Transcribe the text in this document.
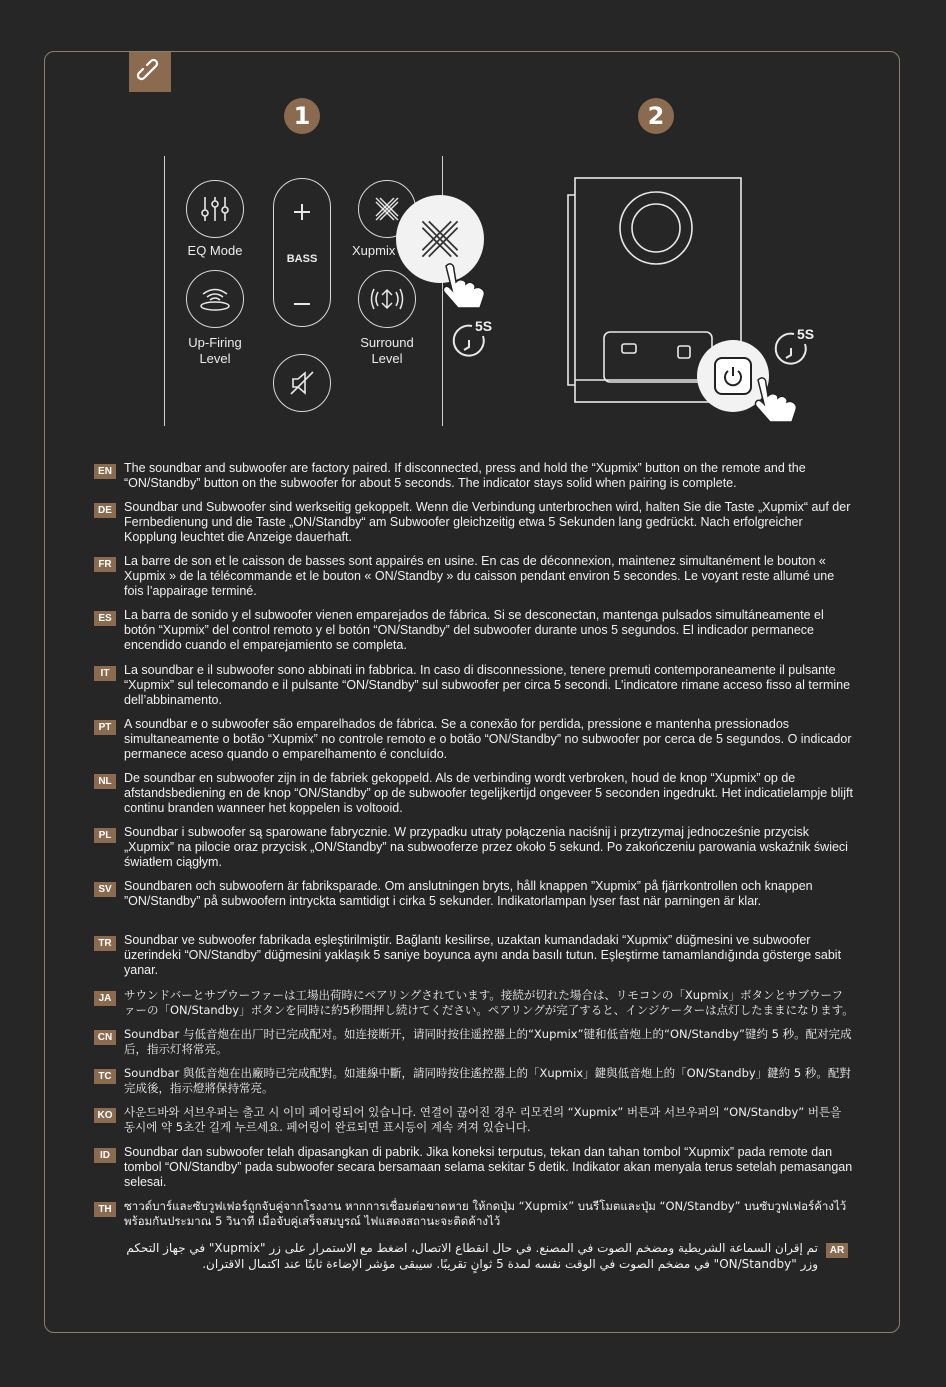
1	2
EQ Mode
BASS
Xupmix
Up-Firing
Level
Surround
Level
5S	5S
EN The soundbar and subwoofer are factory paired. If disconnected, press and hold the “Xupmix” button on the remote and the “ON/Standby” button on the subwoofer for about 5 seconds. The indicator stays solid when pairing is complete.
DE Soundbar und Subwoofer sind werkseitig gekoppelt. Wenn die Verbindung unterbrochen wird, halten Sie die Taste „Xupmix“ auf der Fernbedienung und die Taste „ON/Standby“ am Subwoofer gleichzeitig etwa 5 Sekunden lang gedrückt. Nach erfolgreicher Kopplung leuchtet die Anzeige dauerhaft.
FR La barre de son et le caisson de basses sont appairés en usine. En cas de déconnexion, maintenez simultanément le bouton « Xupmix » de la télécommande et le bouton « ON/Standby » du caisson pendant environ 5 secondes. Le voyant reste allumé une fois l’appairage terminé.
ES La barra de sonido y el subwoofer vienen emparejados de fábrica. Si se desconectan, mantenga pulsados simultáneamente el botón “Xupmix” del control remoto y el botón “ON/Standby” del subwoofer durante unos 5 segundos. El indicador permanece encendido cuando el emparejamiento se completa.
IT	La soundbar e il subwoofer sono abbinati in fabbrica. In caso di disconnessione, tenere premuti contemporaneamente il pulsante “Xupmix” sul telecomando e il pulsante “ON/Standby” sul subwoofer per circa 5 secondi. L’indicatore rimane acceso fisso al termine dell’abbinamento.
PT	A soundbar e o subwoofer são emparelhados de fábrica. Se a conexão for perdida, pressione e mantenha pressionados simultaneamente o botão “Xupmix” no controle remoto e o botão “ON/Standby” no subwoofer por cerca de 5 segundos. O indicador permanece aceso quando o emparelhamento é concluído.
NL De soundbar en subwoofer zijn in de fabriek gekoppeld. Als de verbinding wordt verbroken, houd de knop “Xupmix” op de afstandsbediening en de knop “ON/Standby” op de subwoofer tegelijkertijd ongeveer 5 seconden ingedrukt. Het indicatielampje blijft continu branden wanneer het koppelen is voltooid.
PL	Soundbar i subwoofer są sparowane fabrycznie. W przypadku utraty połączenia naciśnij i przytrzymaj jednocześnie przycisk „Xupmix” na pilocie oraz przycisk „ON/Standby” na subwooferze przez około 5 sekund. Po zakończeniu parowania wskaźnik świeci światłem ciągłym.
SV Soundbaren och subwoofern är fabriksparade. Om anslutningen bryts, håll knappen ”Xupmix” på fjärrkontrollen och knappen ”ON/Standby” på subwoofern intryckta samtidigt i cirka 5 sekunder. Indikatorlampan lyser fast när parningen är klar.
TR Soundbar ve subwoofer fabrikada eşleştirilmiştir. Bağlantı kesilirse, uzaktan kumandadaki “Xupmix” düğmesini ve subwoofer üzerindeki “ON/Standby” düğmesini yaklaşık 5 saniye boyunca aynı anda basılı tutun. Eşleştirme tamamlandığında gösterge sabit yanar.
JA	サウンドバーとサブウーファーは工場出荷時にペアリングされています。接続が切れた場合は、リモコンの「Xupmix」ボタンとサブウーファーの「ON/Standby」ボタンを同時に約5秒間押し続けてください。ペアリングが完了すると、インジケーターは点灯したままになります。
CN	Soundbar 与低音炮在出厂时已完成配对。如连接断开，请同时按住遥控器上的“Xupmix”键和低音炮上的“ON/Standby”键约 5 秒。配对完成后，指示灯将常亮。
TC	Soundbar 與低音炮在出廠時已完成配對。如連線中斷，請同時按住遙控器上的「Xupmix」鍵與低音炮上的「ON/Standby」鍵約 5 秒。配對完成後，指示燈將保持常亮。
KO	사운드바와 서브우퍼는 출고 시 이미 페어링되어 있습니다. 연결이 끊어진 경우 리모컨의 “Xupmix” 버튼과 서브우퍼의 “ON/Standby” 버튼을 동시에 약 5초간 길게 누르세요. 페어링이 완료되면 표시등이 계속 켜져 있습니다.
ID	Soundbar dan subwoofer telah dipasangkan di pabrik. Jika koneksi terputus, tekan dan tahan tombol “Xupmix” pada remote dan tombol “ON/Standby” pada subwoofer secara bersamaan selama sekitar 5 detik. Indikator akan menyala terus setelah pemasangan selesai.
TH	ซาวด์บาร์และซับวูฟเฟอร์ถูกจับคู่จากโรงงาน หากการเชื่อมต่อขาดหาย ให้กดปุ่ม “Xupmix” บนรีโมตและปุ่ม “ON/Standby” บนซับวูฟเฟอร์ค้างไว้พร้อมกันประมาณ 5 วินาที เมื่อจับคู่เสร็จสมบูรณ์ ไฟแสดงสถานะจะติดค้างไว้
AR
تم إقران السماعة الشريطية ومضخم الصوت في المصنع. في حال انقطاع الاتصال، اضغط مع الاستمرار على زر "Xupmix" في جهاز التحكم وزر "ON/Standby" في مضخم الصوت في الوقت نفسه لمدة 5 ثوانٍ تقريبًا. سيبقى مؤشر الإضاءة ثابتًا عند اكتمال الاقتران.
